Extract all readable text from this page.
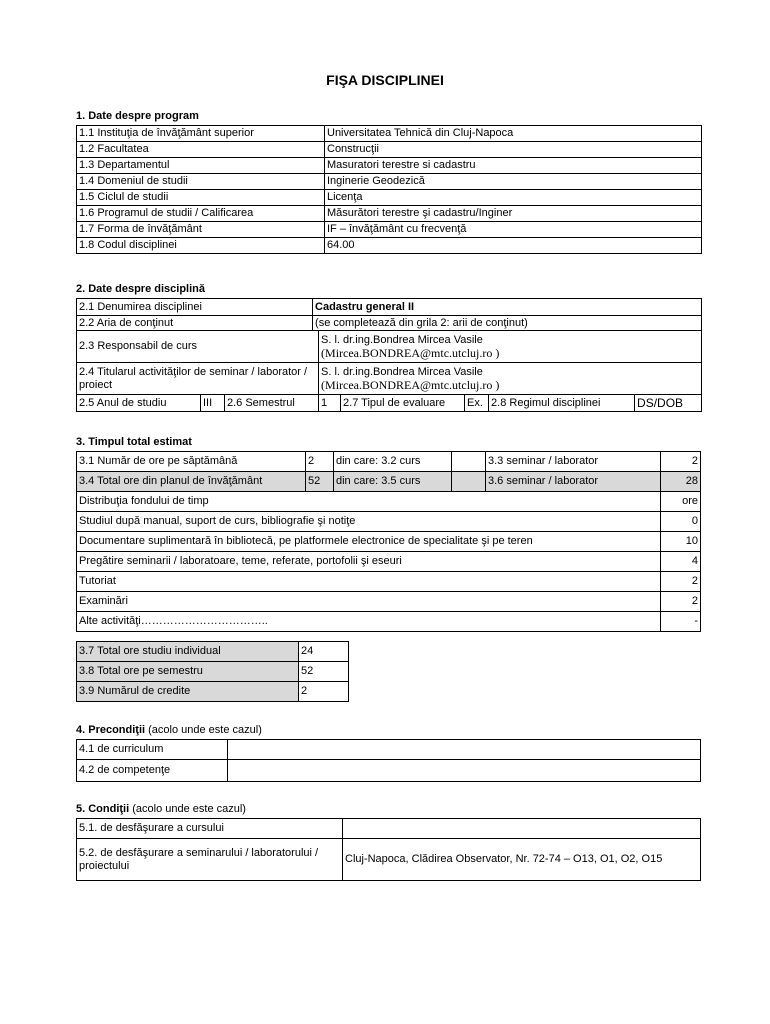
FIŞA DISCIPLINEI
1. Date despre program
1.1 Instituţia de învăţământ superior	Universitatea Tehnică din Cluj-Napoca
1.2 Facultatea	Construcţii
1.3 Departamentul	Masuratori terestre si cadastru
1.4 Domeniul de studii	Inginerie Geodezică
1.5 Ciclul de studii	Licenţa
1.6 Programul de studii / Calificarea	Măsurători terestre şi cadastru/Inginer
1.7 Forma de învăţământ	IF – învăţământ cu frecvenţă
1.8 Codul disciplinei	64.00
2. Date despre disciplină
2.1 Denumirea disciplinei			Cadastru general II					
2.2 Aria de conţinut			(se completează din grila 2: arii de conţinut)					
2.3 Responsabil de curs				S. l. dr.ing.Bondrea Mircea Vasile
(Mircea.BONDREA@mtc.utcluj.ro )				

2.4 Titularul activităţilor de seminar / laborator / proiect				S. l. dr.ing.Bondrea Mircea Vasile
(Mircea.BONDREA@mtc.utcluj.ro )				

2.5 Anul de studiu	III	2.6 Semestrul		1	2.7 Tipul de evaluare	Ex.	2.8 Regimul disciplinei	DS/DOB
3. Timpul total estimat
3.1 Număr de ore pe săptămână	2	din care: 3.2 curs		3.3 seminar / laborator	2
3.4 Total ore din planul de învăţământ	52	din care: 3.5 curs		3.6 seminar / laborator	28
Distribuţia fondului de timp					ore
Studiul după manual, suport de curs, bibliografie şi notiţe					0
Documentare suplimentară în bibliotecă, pe platformele electronice de specialitate şi pe teren					10
Pregătire seminarii / laboratoare, teme, referate, portofolii şi eseuri					4
Tutoriat					2
Examinări					2
Alte activităţi……………………………..					-
3.7 Total ore studiu individual	24
3.8 Total ore pe semestru	52
3.9 Numărul de credite	2
4. Precondiţii (acolo unde este cazul)
4.1 de curriculum	
4.2 de competenţe	
5. Condiţii (acolo unde este cazul)
5.1. de desfăşurare a cursului	
5.2. de desfăşurare a seminarului / laboratorului / proiectului	Cluj-Napoca, Clădirea Observator, Nr. 72-74 – O13, O1, O2, O15
